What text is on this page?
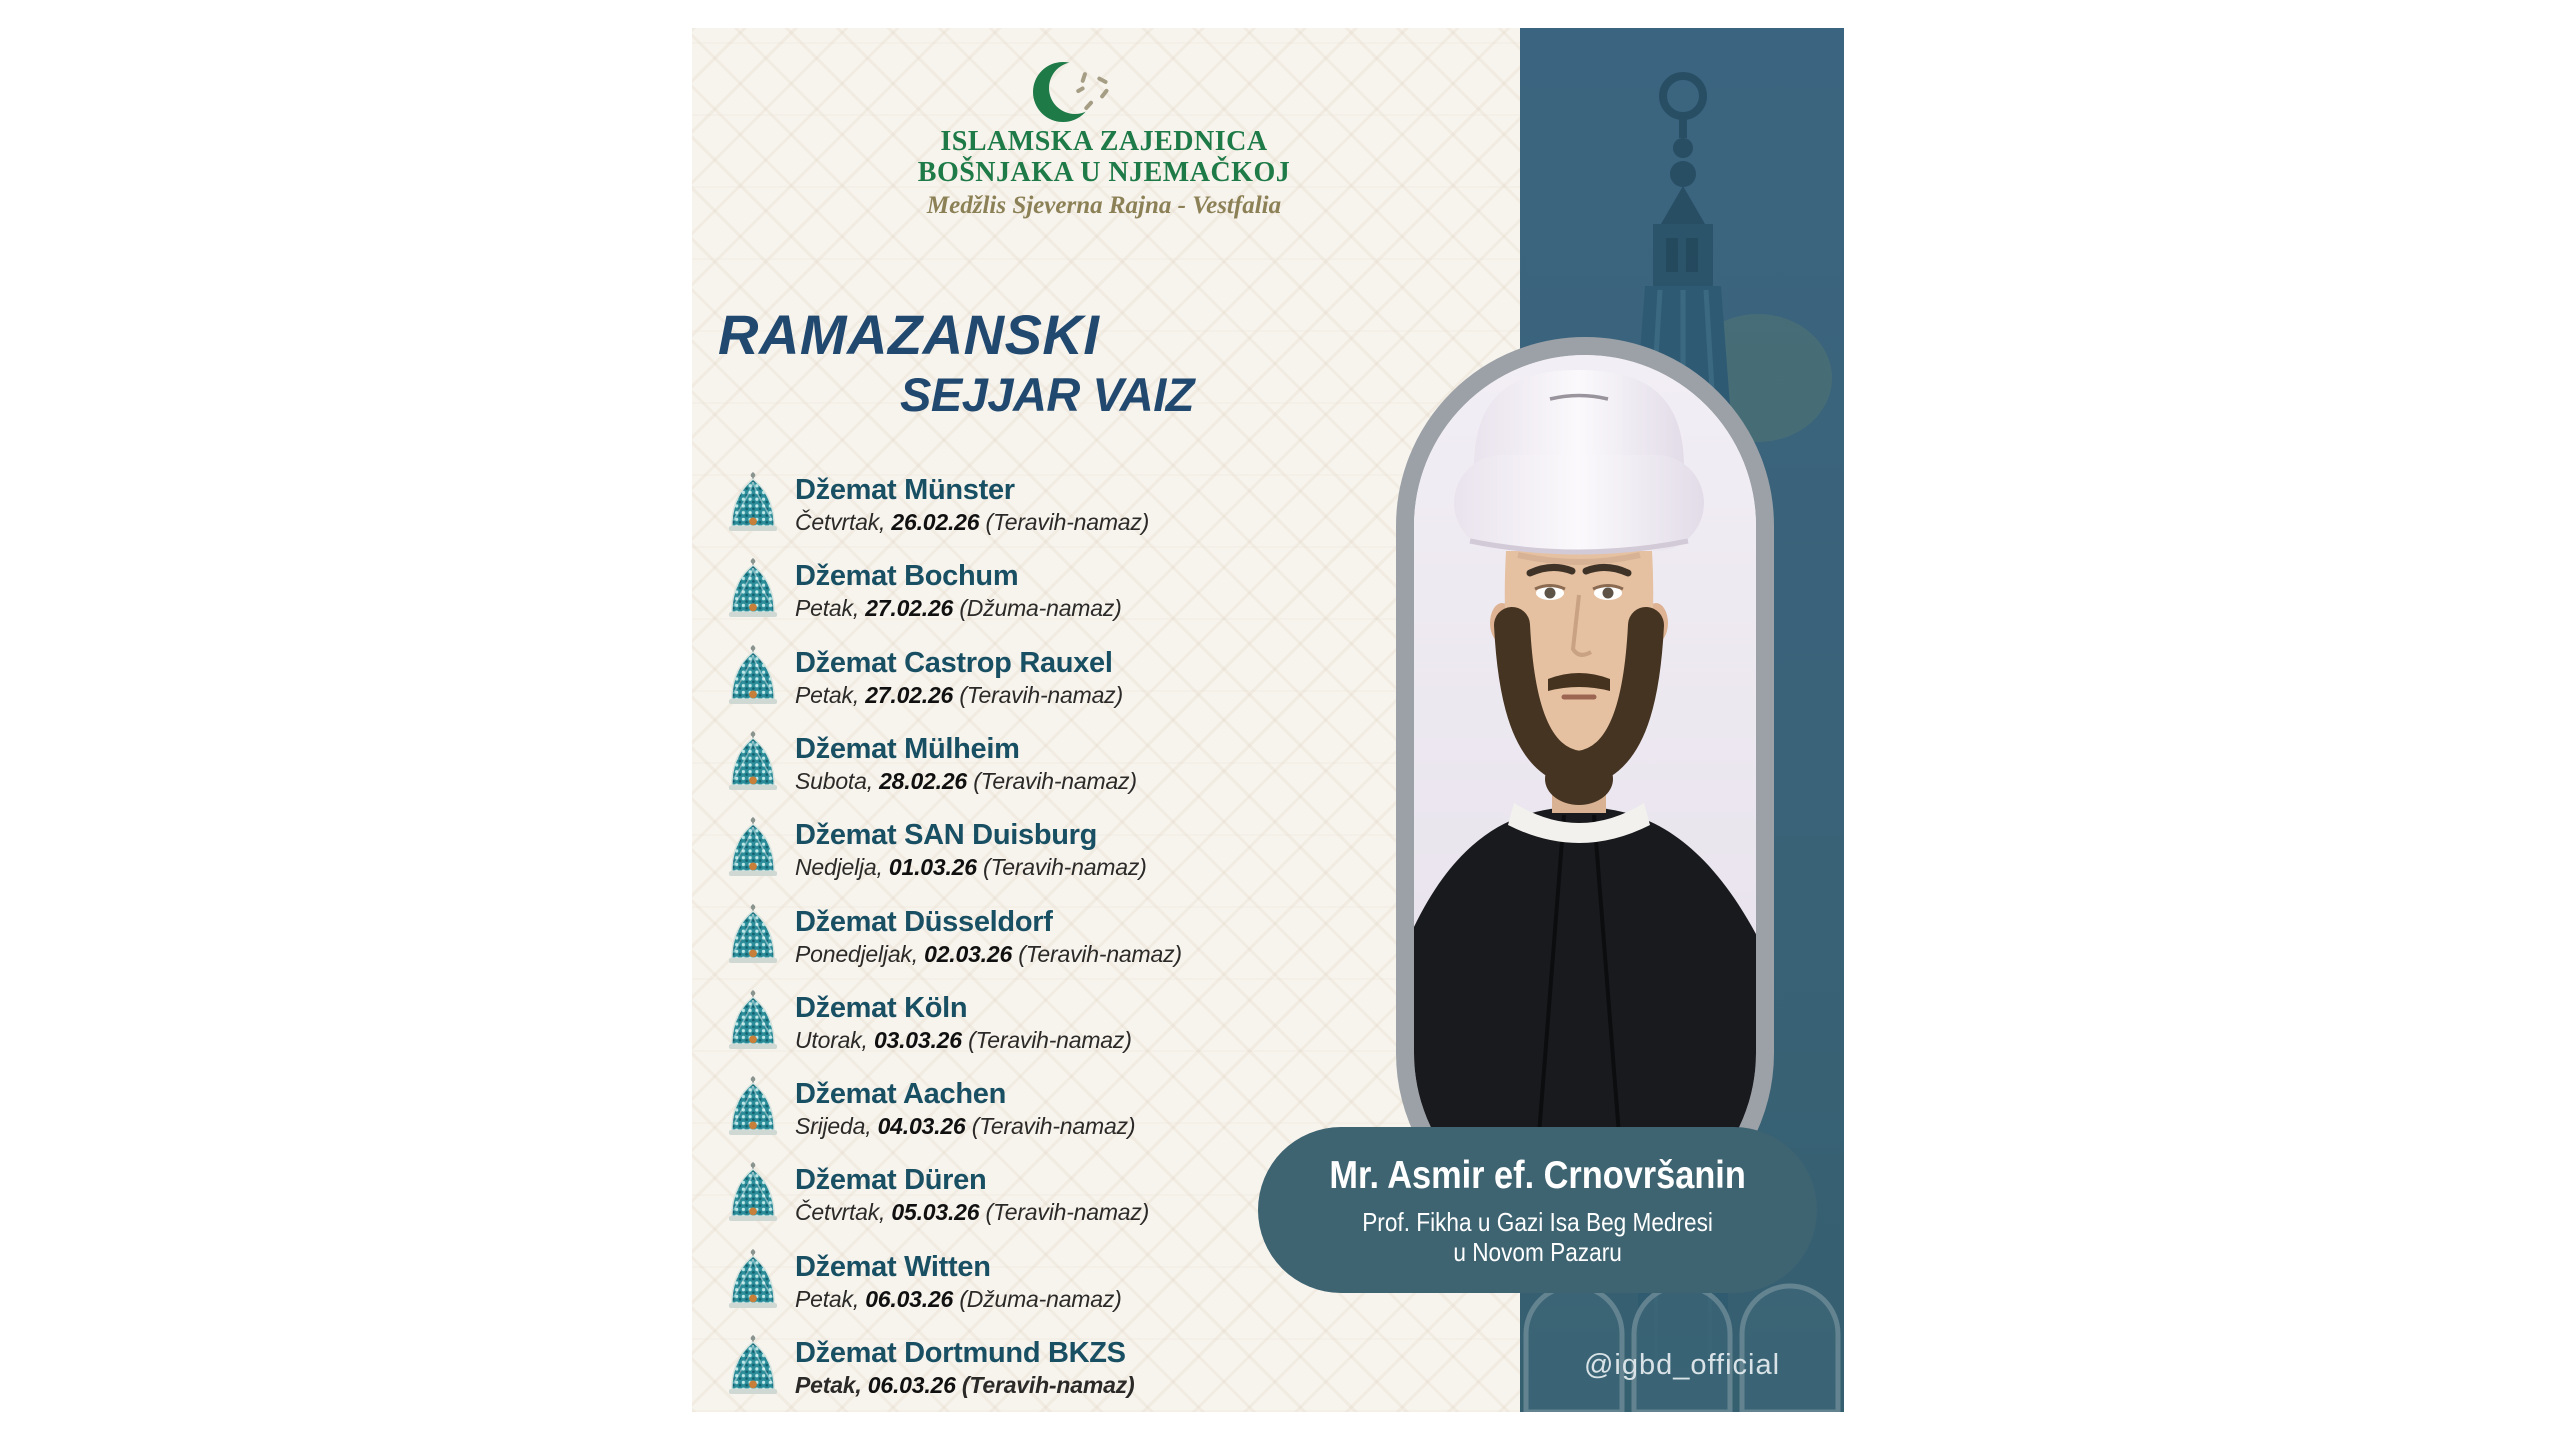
@igbd_official
ISLAMSKA ZAJEDNICA
BOŠNJAKA U NJEMAČKOJ
Medžlis Sjeverna Rajna - Vestfalia
RAMAZANSKI
SEJJAR VAIZ
Džemat Münster
Četvrtak, 26.02.26 (Teravih-namaz)
Džemat Bochum
Petak, 27.02.26 (Džuma-namaz)
Džemat Castrop Rauxel
Petak, 27.02.26 (Teravih-namaz)
Džemat Mülheim
Subota, 28.02.26 (Teravih-namaz)
Džemat SAN Duisburg
Nedjelja, 01.03.26 (Teravih-namaz)
Džemat Düsseldorf
Ponedjeljak, 02.03.26 (Teravih-namaz)
Džemat Köln
Utorak, 03.03.26 (Teravih-namaz)
Džemat Aachen
Srijeda, 04.03.26 (Teravih-namaz)
Džemat Düren
Četvrtak, 05.03.26 (Teravih-namaz)
Džemat Witten
Petak, 06.03.26 (Džuma-namaz)
Džemat Dortmund BKZS
Petak, 06.03.26 (Teravih-namaz)
Mr. Asmir ef. Crnovršanin
Prof. Fikha u Gazi Isa Beg Medresi
u Novom Pazaru
